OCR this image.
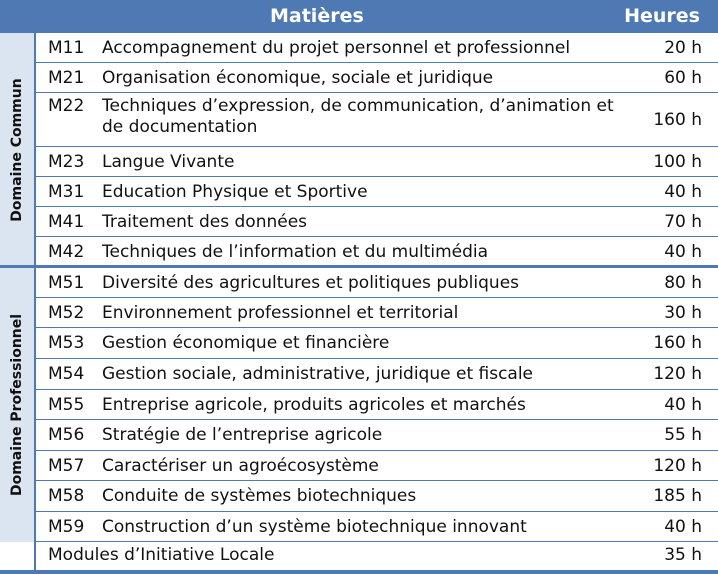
Matières	Heures
Domaine Commun
Domaine Professionnel
M11 Accompagnement du projet personnel et professionnel	20 h
M21 Organisation économique, sociale et juridique	60 h
M22 Techniques d’expression, de communication, d’animation et de documentation	160 h
M23 Langue Vivante	100 h
M31 Education Physique et Sportive	40 h
M41 Traitement des données	70 h
M42 Techniques de l’information et du multimédia	40 h
M51 Diversité des agricultures et politiques publiques	80 h
M52 Environnement professionnel et territorial	30 h
M53 Gestion économique et financière	160 h
M54 Gestion sociale, administrative, juridique et fiscale	120 h
M55 Entreprise agricole, produits agricoles et marchés	40 h
M56 Stratégie de l’entreprise agricole	55 h
M57 Caractériser un agroécosystème	120 h
M58 Conduite de systèmes biotechniques	185 h
M59 Construction d’un système biotechnique innovant	40 h
Modules d’Initiative Locale	35 h
